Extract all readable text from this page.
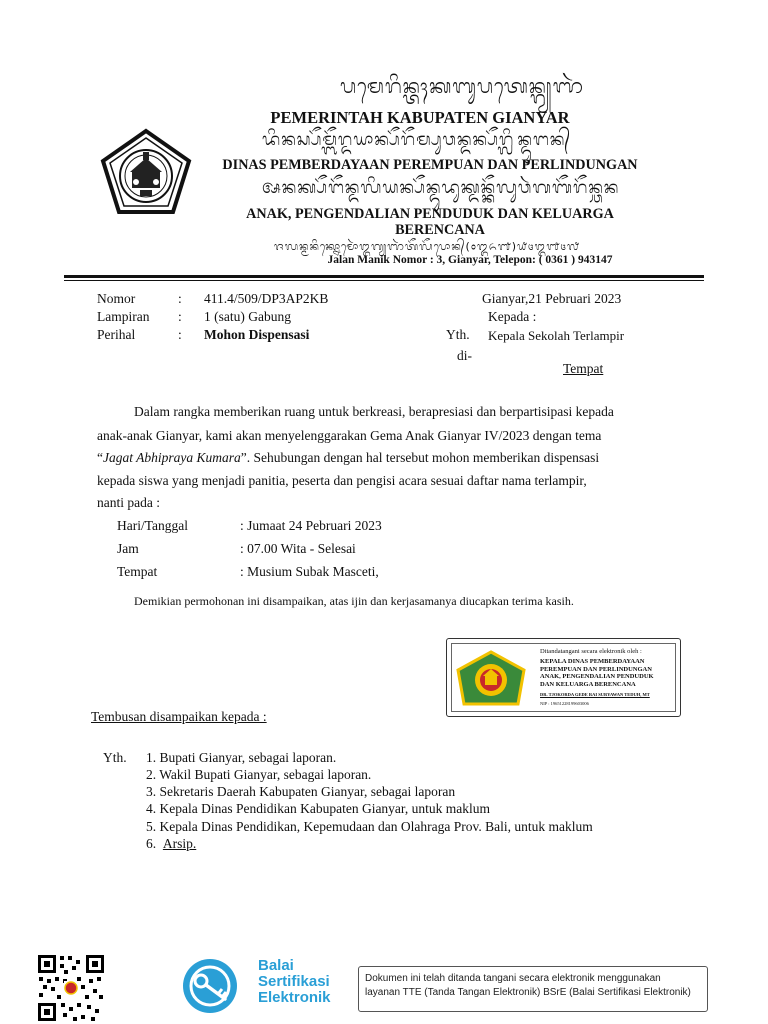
ᬧᬫᬾᬭᬶᬦ᭄ᬢᬄᬓᬩᬸᬧᬢᬾᬦ᭄ᬕ᭄ᬬᬜᬃ
PEMERINTAH KABUPATEN GIANYAR
ᬤᬶᬦᬲ᭄ᬧᭂᬫ᭄ᬩᭂᬭ᭄ᬤᬬᬵᬦ᭄ᬧᭂᬭᭂᬫ᭄ᬧᬸᬯᬦ᭄ᬤᬦ᭄ᬧᭂᬭ᭄ᬮᬶᬦ᭄ᬤᬸᬗᬦ᭄
DINAS PEMBERDAYAAN PEREMPUAN DAN PERLINDUNGAN
ᬅᬦᬓ᭄ᬧᭂᬗᭂᬦ᭄ᬤᬮᬶᬬᬦ᭄ᬧᭂᬦ᭄ᬤᬸᬤᬸᬓ᭄ᬤᬦ᭄ᬓᭂᬮᬸᬯᬃᬕᬩᭂᬭᭂᬦ᭄ᬘᬦ
ANAK, PENGENDALIAN PENDUDUK DAN KELUARGA
BERENCANA
ᬚᬮᬦ᭄ᬫᬦᬶᬓ᭄ᬦᭀᬫᭀᬃ᭓ᬕ᭄ᬬᬜᬃᬢᭂᬮᭂᬧᭀᬦ᭄(᭐᭓᭖᭑)᭙᭔᭓᭑᭔᭗
Jalan Manik Nomor : 3, Gianyar, Telepon: ( 0361 ) 943147
Nomor	: 411.4/509/DP3AP2KB
Lampiran : 1 (satu) Gabung
Perihal	: Mohon Dispensasi
Gianyar,21 Pebruari 2023
Kepada :
Yth. Kepala Sekolah Terlampir
di-
Tempat
Dalam rangka memberikan ruang untuk berkreasi, berapresiasi dan berpartisipasi kepada
anak-anak Gianyar, kami akan menyelenggarakan Gema Anak Gianyar IV/2023 dengan tema
“Jagat Abhipraya Kumara”. Sehubungan dengan hal tersebut mohon memberikan dispensasi
kepada siswa yang menjadi panitia, peserta dan pengisi acara sesuai daftar nama terlampir,
nanti pada :
Hari/Tanggal	: Jumaat 24 Pebruari 2023
Jam	: 07.00 Wita - Selesai
Tempat	: Musium Subak Masceti,
Demikian permohonan ini disampaikan, atas ijin dan kerjasamanya diucapkan terima kasih.
Ditandatangani secara elektronik oleh :
KEPALA DINAS PEMBERDAYAAN
PEREMPUAN DAN PERLINDUNGAN
ANAK, PENGENDALIAN PENDUDUK
DAN KELUARGA BERENCANA
DR. TJOKORDA GEDE RAI SURYAWAN TEDUH, MT
NIP : 19651228199603006
Tembusan disampaikan kepada :
Yth. 1. Bupati Gianyar, sebagai laporan.
2. Wakil Bupati Gianyar, sebagai laporan.
3. Sekretaris Daerah Kabupaten Gianyar, sebagai laporan
4. Kepala Dinas Pendidikan Kabupaten Gianyar, untuk maklum
5. Kepala Dinas Pendidikan, Kepemudaan dan Olahraga Prov. Bali, untuk maklum
6. Arsip.
Balai
Sertifikasi
Elektronik
Dokumen ini telah ditanda tangani secara elektronik menggunakan
layanan TTE (Tanda Tangan Elektronik) BSrE (Balai Sertifikasi Elektronik)
